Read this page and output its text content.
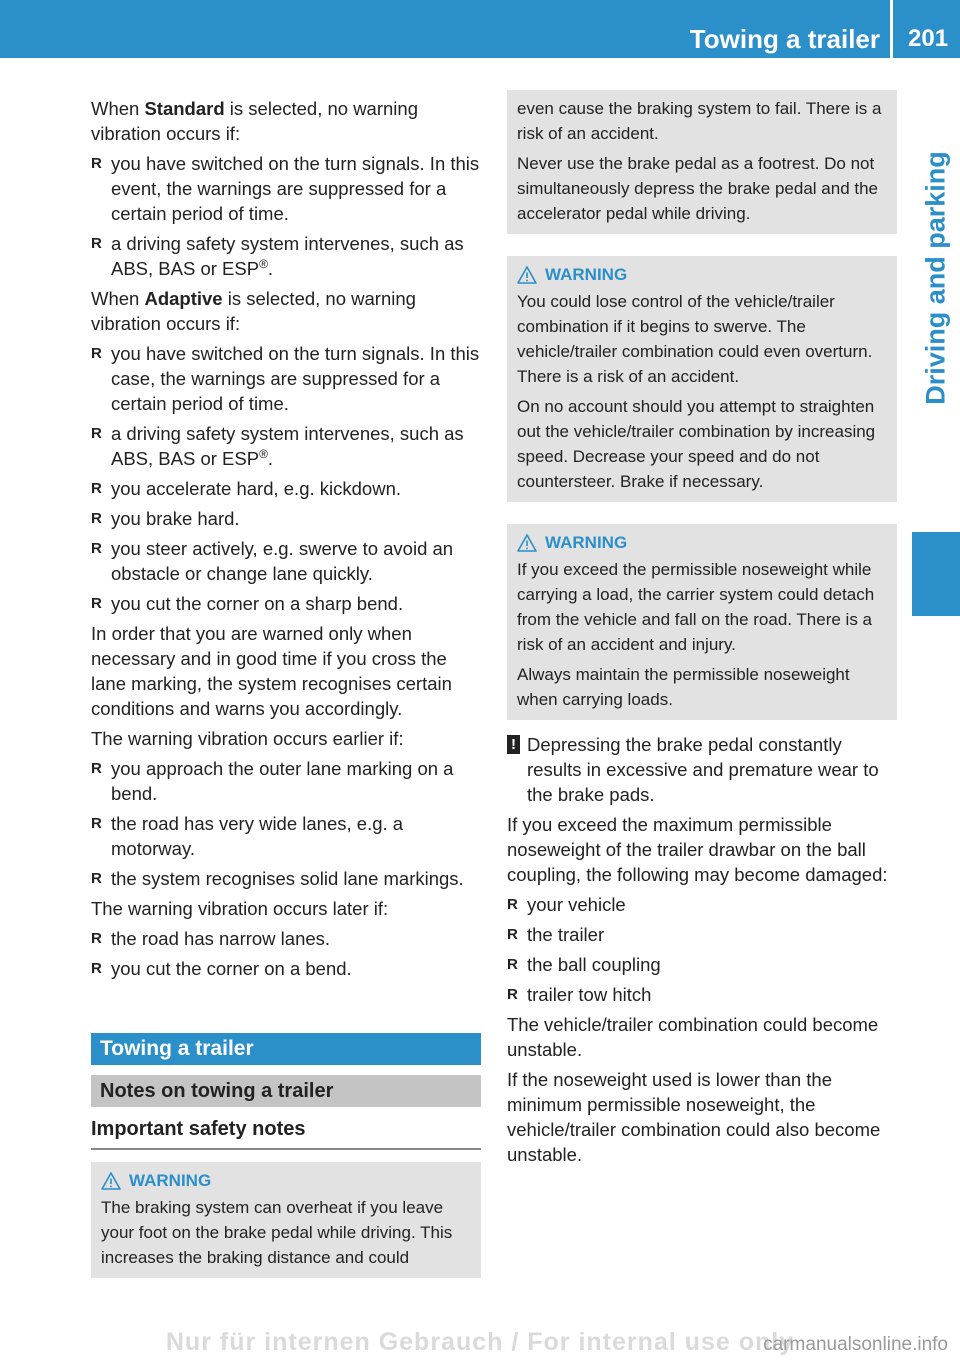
Towing a trailer 201
Driving and parking

When Standard is selected, no warning vibration occurs if:

R you have switched on the turn signals. In this event, the warnings are suppressed for a certain period of time.
R a driving safety system intervenes, such as ABS, BAS or ESP®.

When Adaptive is selected, no warning vibration occurs if:

R you have switched on the turn signals. In this case, the warnings are suppressed for a certain period of time.
R a driving safety system intervenes, such as ABS, BAS or ESP®.
R you accelerate hard, e.g. kickdown.
R you brake hard.
R you steer actively, e.g. swerve to avoid an obstacle or change lane quickly.
R you cut the corner on a sharp bend.

In order that you are warned only when necessary and in good time if you cross the lane marking, the system recognises certain conditions and warns you accordingly.

The warning vibration occurs earlier if:

R you approach the outer lane marking on a bend.
R the road has very wide lanes, e.g. a motorway.
R the system recognises solid lane markings.

The warning vibration occurs later if:

R the road has narrow lanes.
R you cut the corner on a bend.
Towing a trailer
Notes on towing a trailer
Important safety notes
WARNING

The braking system can overheat if you leave your foot on the brake pedal while driving. This increases the braking distance and could

even cause the braking system to fail. There is a risk of an accident.

Never use the brake pedal as a footrest. Do not simultaneously depress the brake pedal and the accelerator pedal while driving.

WARNING

You could lose control of the vehicle/trailer combination if it begins to swerve. The vehicle/trailer combination could even overturn. There is a risk of an accident.

On no account should you attempt to straighten out the vehicle/trailer combination by increasing speed. Decrease your speed and do not countersteer. Brake if necessary.

WARNING

If you exceed the permissible noseweight while carrying a load, the carrier system could detach from the vehicle and fall on the road. There is a risk of an accident and injury.

Always maintain the permissible noseweight when carrying loads.

! Depressing the brake pedal constantly results in excessive and premature wear to the brake pads.

If you exceed the maximum permissible noseweight of the trailer drawbar on the ball coupling, the following may become damaged:

R your vehicle
R the trailer
R the ball coupling
R trailer tow hitch

The vehicle/trailer combination could become unstable.

If the noseweight used is lower than the minimum permissible noseweight, the vehicle/trailer combination could also become unstable.

Nur für internen Gebrauch / For internal use only
carmanualsonline.info
